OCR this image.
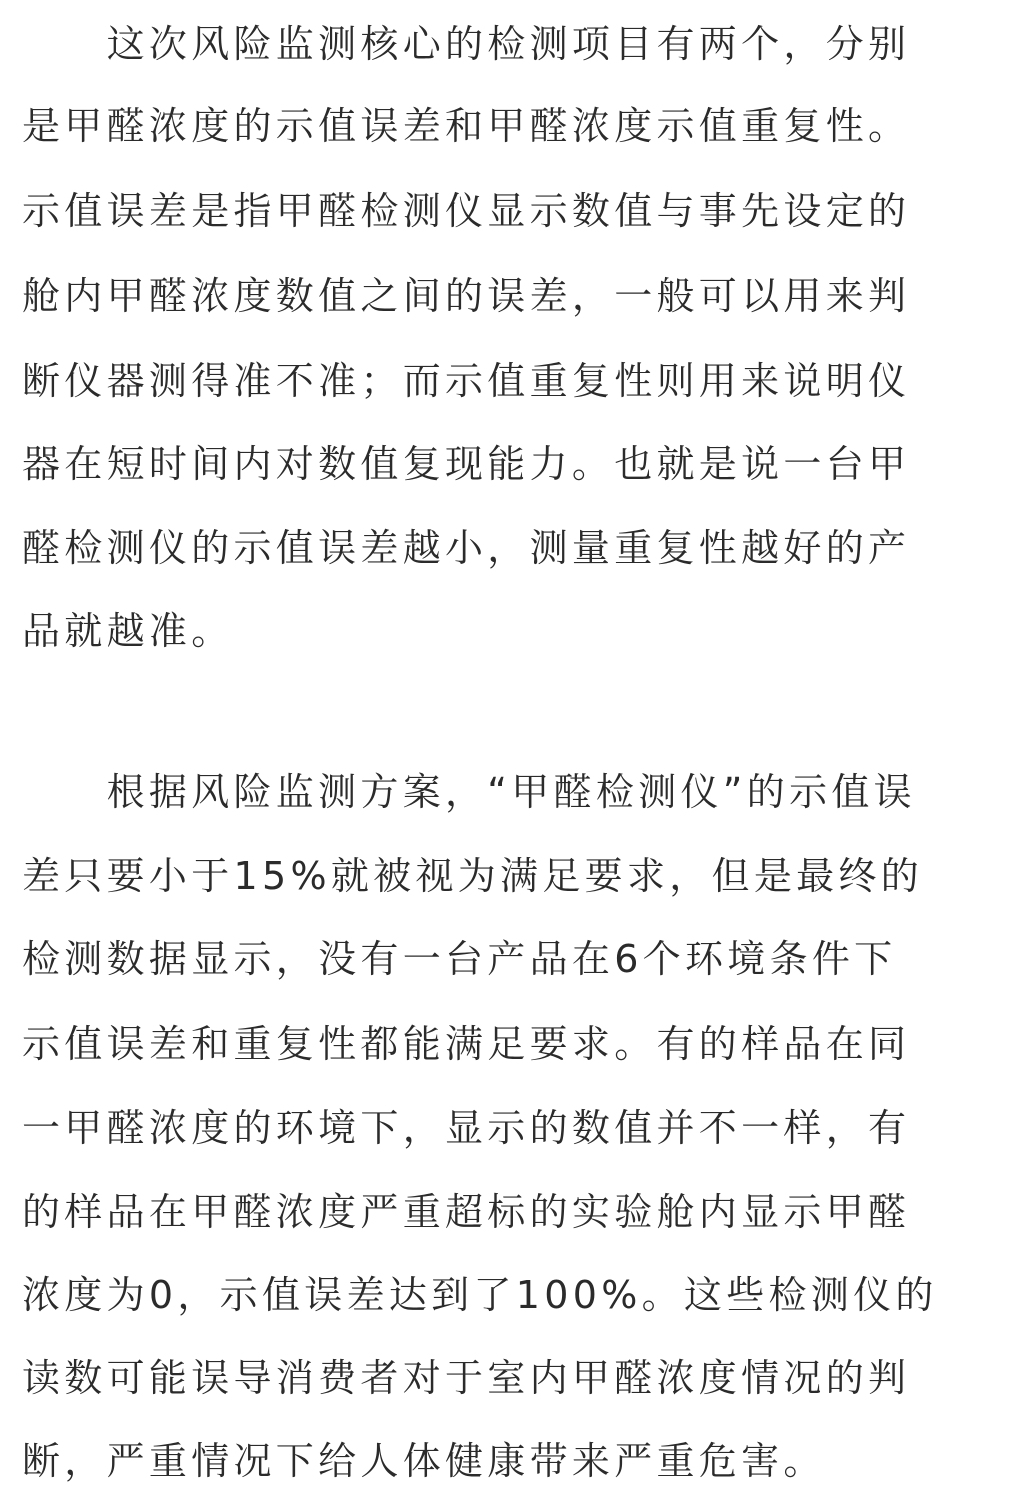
　　这次风险监测核心的检测项目有两个，分别
是甲醛浓度的示值误差和甲醛浓度示值重复性。
示值误差是指甲醛检测仪显示数值与事先设定的
舱内甲醛浓度数值之间的误差，一般可以用来判
断仪器测得准不准；而示值重复性则用来说明仪
器在短时间内对数值复现能力。也就是说一台甲
醛检测仪的示值误差越小，测量重复性越好的产
品就越准。
　　根据风险监测方案，“甲醛检测仪”的示值误
差只要小于15%就被视为满足要求，但是最终的
检测数据显示，没有一台产品在6个环境条件下
示值误差和重复性都能满足要求。有的样品在同
一甲醛浓度的环境下，显示的数值并不一样，有
的样品在甲醛浓度严重超标的实验舱内显示甲醛
浓度为0，示值误差达到了100%。这些检测仪的
读数可能误导消费者对于室内甲醛浓度情况的判
断，严重情况下给人体健康带来严重危害。
